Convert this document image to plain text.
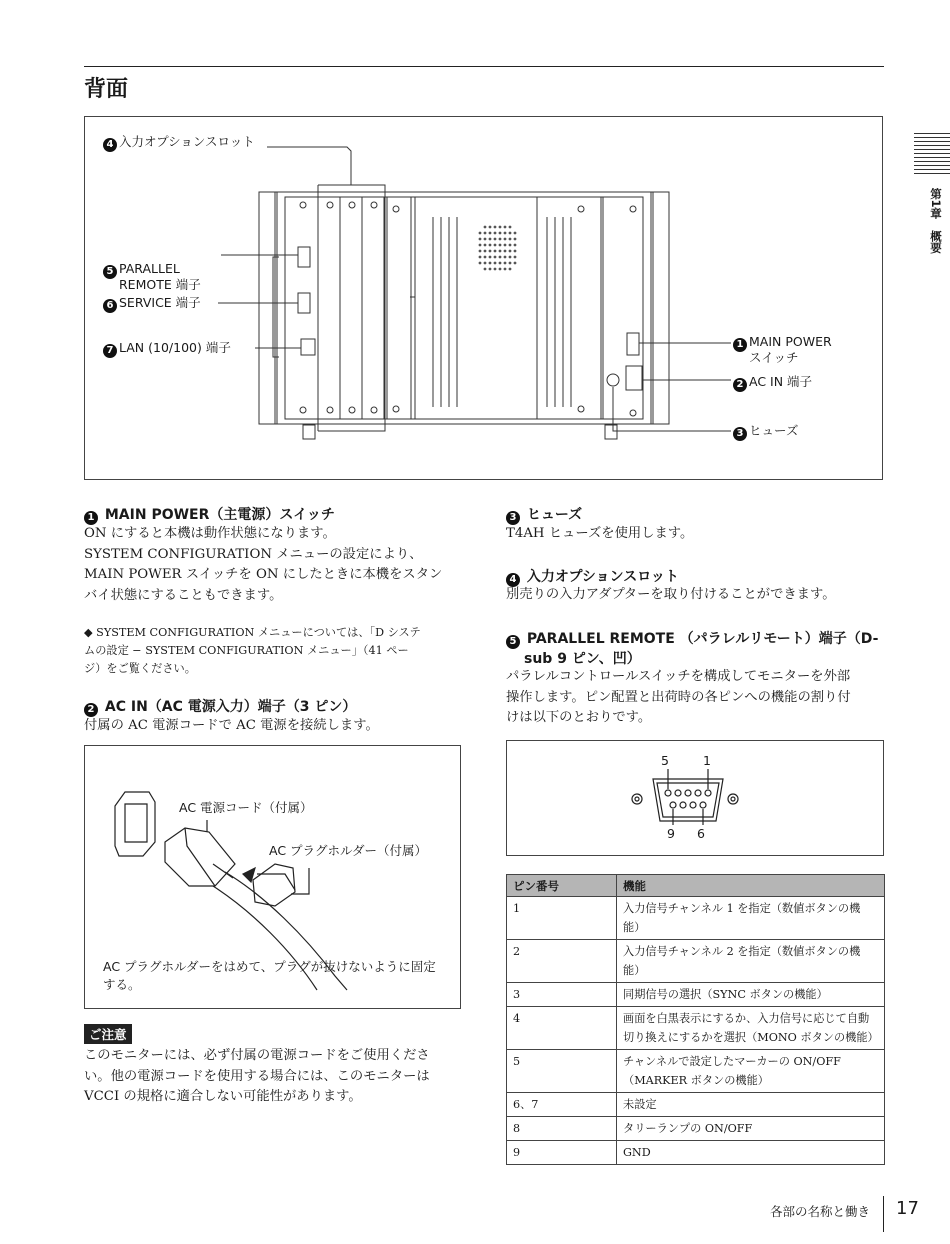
背面
第1章　概要
4 入力オプションスロット

5 PARALLEL
REMOTE 端子

6 SERVICE 端子
7 LAN (10/100) 端子	1 MAIN POWER
スイッチ
2 AC IN 端子
3 ヒューズ
1 MAIN POWER（主電源）スイッチ
ON にすると本機は動作状態になります。
SYSTEM CONFIGURATION メニューの設定により、
MAIN POWER スイッチを ON にしたときに本機をスタン
バイ状態にすることもできます。
◆ SYSTEM CONFIGURATION メニューについては、「D システ
ムの設定 − SYSTEM CONFIGURATION メニュー」（41 ペー
ジ）をご覧ください。
2 AC IN（AC 電源入力）端子（3 ピン）
付属の AC 電源コードで AC 電源を接続します。
AC 電源コード（付属）
AC プラグホルダー（付属）
AC プラグホルダーをはめて、プラグが抜けないように固定
する。
ご注意
このモニターには、必ず付属の電源コードをご使用くださ
い。他の電源コードを使用する場合には、このモニターは
VCCI の規格に適合しない可能性があります。
3 ヒューズ
T4AH ヒューズを使用します。
4 入力オプションスロット
別売りの入力アダプターを取り付けることができます。
5 PARALLEL REMOTE （パラレルリモート）端子（D-
sub 9 ピン、凹）
パラレルコントロールスイッチを構成してモニターを外部
操作します。ピン配置と出荷時の各ピンへの機能の割り付
けは以下のとおりです。
5	1
9 6
ピン番号	機能
1	入力信号チャンネル 1 を指定（数値ボタンの機
能）
2	入力信号チャンネル 2 を指定（数値ボタンの機
能）
3	同期信号の選択（SYNC ボタンの機能）
4	画面を白黒表示にするか、入力信号に応じて自動
切り換えにするかを選択（MONO ボタンの機能）
5	チャンネルで設定したマーカーの ON/OFF
（MARKER ボタンの機能）
6、7	未設定
8	タリーランプの ON/OFF
9	GND
各部の名称と働き 17
